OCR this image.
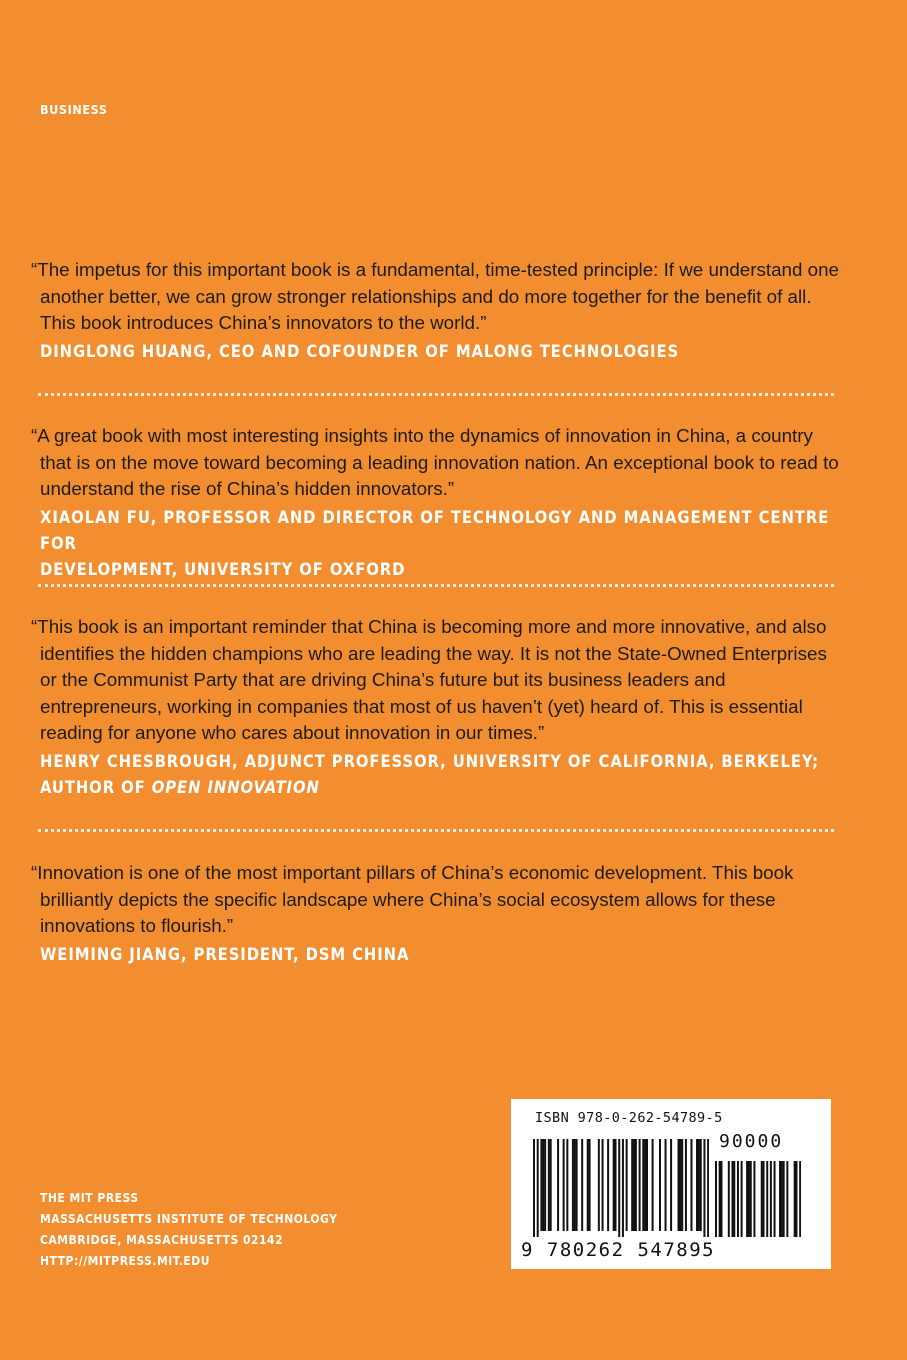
BUSINESS

“The impetus for this important book is a fundamental, time-tested principle: If we understand one another better, we can grow stronger relationships and do more together for the benefit of all. This book introduces China’s innovators to the world.”

DINGLONG HUANG, CEO AND COFOUNDER OF MALONG TECHNOLOGIES

“A great book with most interesting insights into the dynamics of innovation in China, a country that is on the move toward becoming a leading innovation nation. An exceptional book to read to understand the rise of China’s hidden innovators.”

XIAOLAN FU, PROFESSOR AND DIRECTOR OF TECHNOLOGY AND MANAGEMENT CENTRE FOR
DEVELOPMENT, UNIVERSITY OF OXFORD

“This book is an important reminder that China is becoming more and more innovative, and also identifies the hidden champions who are leading the way. It is not the State-Owned Enterprises or the Communist Party that are driving China’s future but its business leaders and entrepreneurs, working in companies that most of us haven’t (yet) heard of. This is essential reading for anyone who cares about innovation in our times.”

HENRY CHESBROUGH, ADJUNCT PROFESSOR, UNIVERSITY OF CALIFORNIA, BERKELEY;
AUTHOR OF OPEN INNOVATION

“Innovation is one of the most important pillars of China’s economic development. This book brilliantly depicts the specific landscape where China’s social ecosystem allows for these innovations to flourish.”

WEIMING JIANG, PRESIDENT, DSM CHINA
THE MIT PRESS
MASSACHUSETTS INSTITUTE OF TECHNOLOGY
CAMBRIDGE, MASSACHUSETTS 02142
HTTP://MITPRESS.MIT.EDU
ISBN 978-0-262-54789-5
90000
9 780262 547895
